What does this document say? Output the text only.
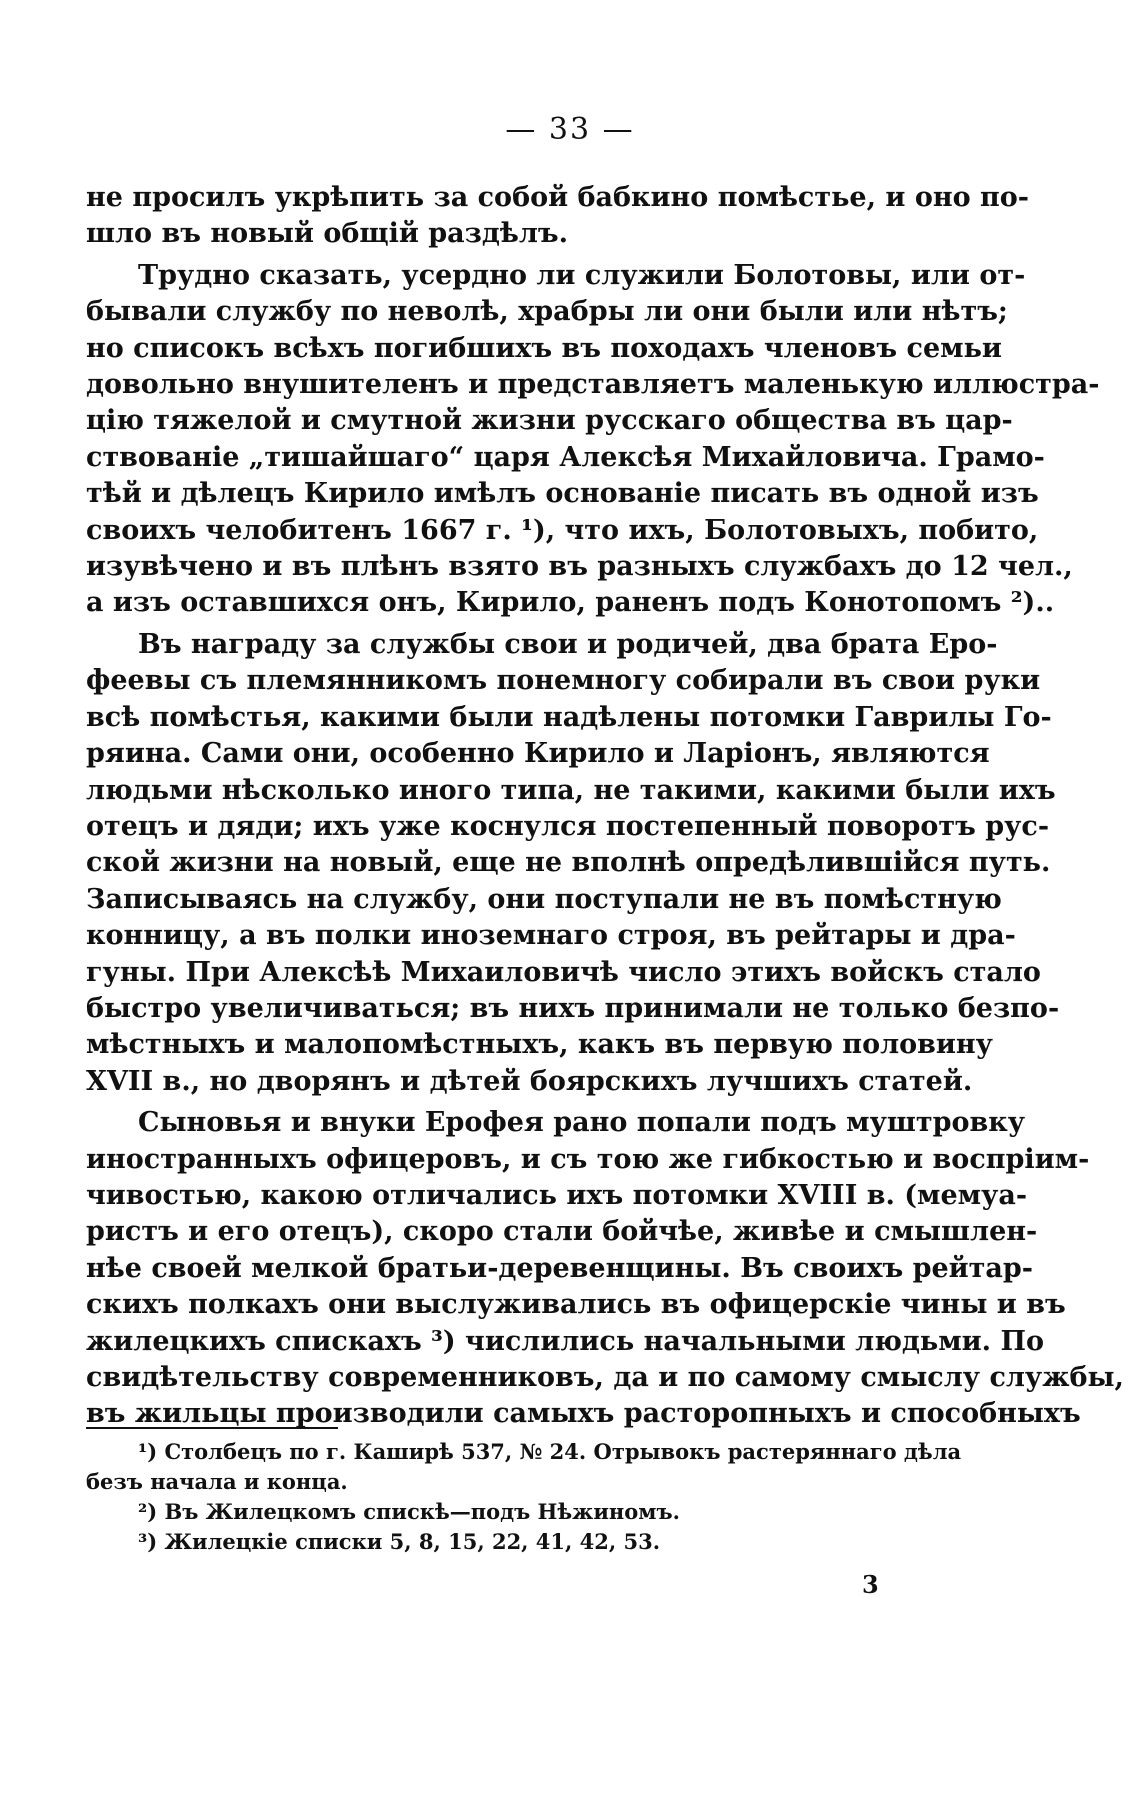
— 33 —
не просилъ укрѣпить за собой бабкино помѣстье, и оно по-
шло въ новый общій раздѣлъ.
Трудно сказать, усердно ли служили Болотовы, или от-
бывали службу по неволѣ, храбры ли они были или нѣтъ;
но списокъ всѣхъ погибшихъ въ походахъ членовъ семьи
довольно внушителенъ и представляетъ маленькую иллюстра-
цію тяжелой и смутной жизни русскаго общества въ цар-
ствованіе „тишайшаго“ царя Алексѣя Михайловича. Грамо-
тѣй и дѣлецъ Кирило имѣлъ основаніе писать въ одной изъ
своихъ челобитенъ 1667 г. ¹), что ихъ, Болотовыхъ, побито,
изувѣчено и въ плѣнъ взято въ разныхъ службахъ до 12 чел.,
а изъ оставшихся онъ, Кирило, раненъ подъ Конотопомъ ²)..
Въ награду за службы свои и родичей, два брата Еро-
феевы съ племянникомъ понемногу собирали въ свои руки
всѣ помѣстья, какими были надѣлены потомки Гаврилы Го-
ряина. Сами они, особенно Кирило и Ларіонъ, являются
людьми нѣсколько иного типа, не такими, какими были ихъ
отецъ и дяди; ихъ уже коснулся постепенный поворотъ рус-
ской жизни на новый, еще не вполнѣ опредѣлившійся путь.
Записываясь на службу, они поступали не въ помѣстную
конницу, а въ полки иноземнаго строя, въ рейтары и дра-
гуны. При Алексѣѣ Михаиловичѣ число этихъ войскъ стало
быстро увеличиваться; въ нихъ принимали не только безпо-
мѣстныхъ и малопомѣстныхъ, какъ въ первую половину
XVII в., но дворянъ и дѣтей боярскихъ лучшихъ статей.
Сыновья и внуки Ерофея рано попали подъ муштровку
иностранныхъ офицеровъ, и съ тою же гибкостью и воспріим-
чивостью, какою отличались ихъ потомки XVIII в. (мемуа-
ристъ и его отецъ), скоро стали бойчѣе, живѣе и смышлен-
нѣе своей мелкой братьи-деревенщины. Въ своихъ рейтар-
скихъ полкахъ они выслуживались въ офицерскіе чины и въ
жилецкихъ спискахъ ³) числились начальными людьми. По
свидѣтельству современниковъ, да и по самому смыслу службы,
въ жильцы производили самыхъ расторопныхъ и способныхъ
¹) Столбецъ по г. Каширѣ 537, № 24. Отрывокъ растеряннаго дѣла
безъ начала и конца.
²) Въ Жилецкомъ спискѣ—подъ Нѣжиномъ.
³) Жилецкіе списки 5, 8, 15, 22, 41, 42, 53.
3
